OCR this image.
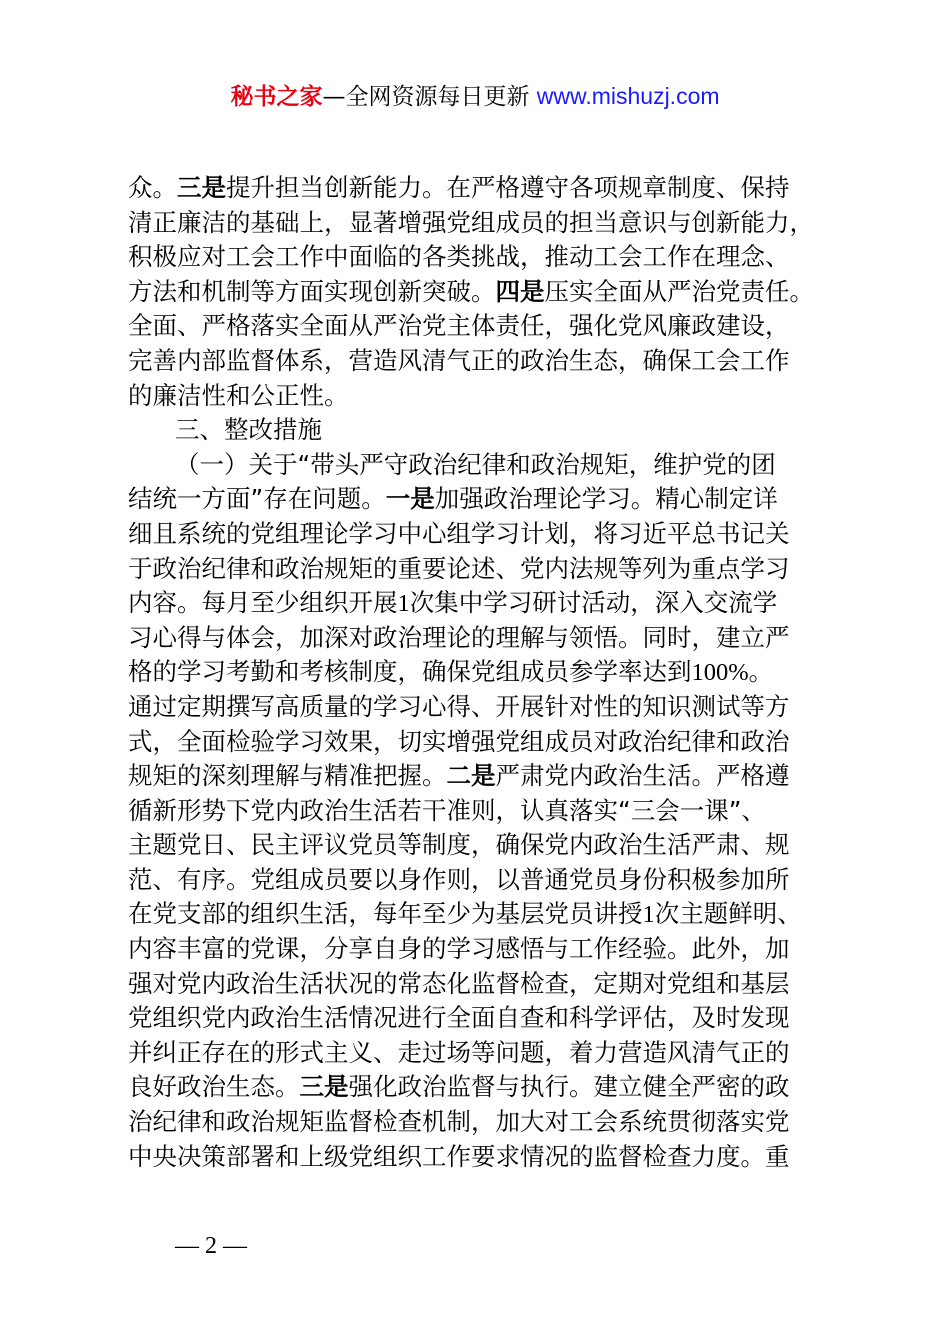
秘书之家—全网资源每日更新 www.mishuzj.com
众。三是提升担当创新能力。在严格遵守各项规章制度、保持
清正廉洁的基础上，显著增强党组成员的担当意识与创新能力，
积极应对工会工作中面临的各类挑战，推动工会工作在理念、
方法和机制等方面实现创新突破。四是压实全面从严治党责任。
全面、严格落实全面从严治党主体责任，强化党风廉政建设，
完善内部监督体系，营造风清气正的政治生态，确保工会工作
的廉洁性和公正性。
三、整改措施
（一）关于“带头严守政治纪律和政治规矩，维护党的团
结统一方面”存在问题。一是加强政治理论学习。精心制定详
细且系统的党组理论学习中心组学习计划，将习近平总书记关
于政治纪律和政治规矩的重要论述、党内法规等列为重点学习
内容。每月至少组织开展1次集中学习研讨活动，深入交流学
习心得与体会，加深对政治理论的理解与领悟。同时，建立严
格的学习考勤和考核制度，确保党组成员参学率达到100%。
通过定期撰写高质量的学习心得、开展针对性的知识测试等方
式，全面检验学习效果，切实增强党组成员对政治纪律和政治
规矩的深刻理解与精准把握。二是严肃党内政治生活。严格遵
循新形势下党内政治生活若干准则，认真落实“三会一课”、
主题党日、民主评议党员等制度，确保党内政治生活严肃、规
范、有序。党组成员要以身作则，以普通党员身份积极参加所
在党支部的组织生活，每年至少为基层党员讲授1次主题鲜明、
内容丰富的党课，分享自身的学习感悟与工作经验。此外，加
强对党内政治生活状况的常态化监督检查，定期对党组和基层
党组织党内政治生活情况进行全面自查和科学评估，及时发现
并纠正存在的形式主义、走过场等问题，着力营造风清气正的
良好政治生态。三是强化政治监督与执行。建立健全严密的政
治纪律和政治规矩监督检查机制，加大对工会系统贯彻落实党
中央决策部署和上级党组织工作要求情况的监督检查力度。重
— 2 —
